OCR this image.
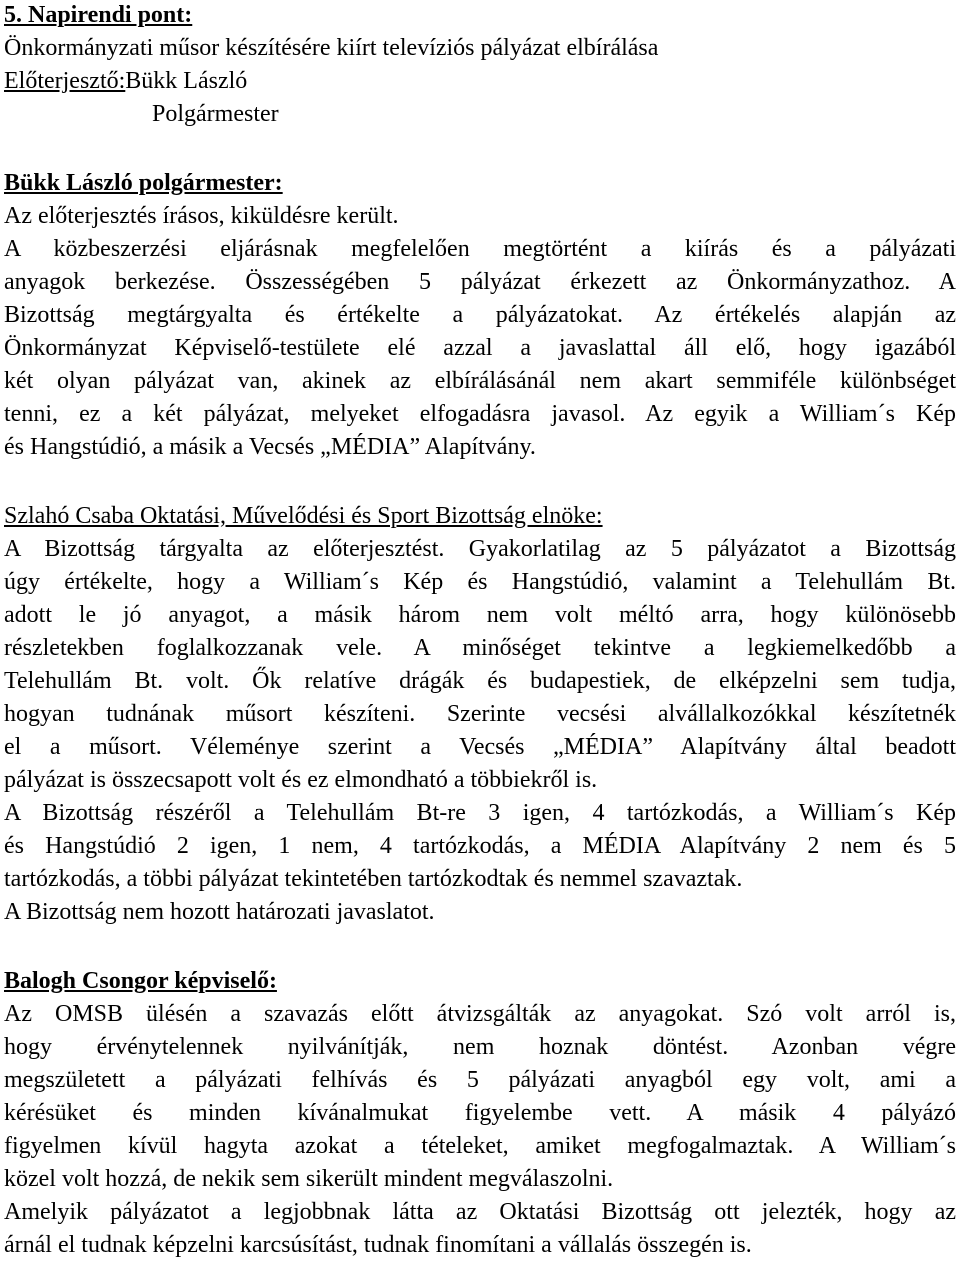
5. Napirendi pont:
Önkormányzati műsor készítésére kiírt televíziós pályázat elbírálása
Előterjesztő:Bükk László
Polgármester
Bükk László polgármester:
Az előterjesztés írásos, kiküldésre került.
A közbeszerzési eljárásnak megfelelően megtörtént a kiírás és a pályázati
anyagok berkezése. Összességében 5 pályázat érkezett az Önkormányzathoz. A
Bizottság megtárgyalta és értékelte a pályázatokat. Az értékelés alapján az
Önkormányzat Képviselő-testülete elé azzal a javaslattal áll elő, hogy igazából
két olyan pályázat van, akinek az elbírálásánál nem akart semmiféle különbséget
tenni, ez a két pályázat, melyeket elfogadásra javasol. Az egyik a William´s Kép
és Hangstúdió, a másik a Vecsés „MÉDIA” Alapítvány.
Szlahó Csaba Oktatási, Művelődési és Sport Bizottság elnöke:
A Bizottság tárgyalta az előterjesztést. Gyakorlatilag az 5 pályázatot a Bizottság
úgy értékelte, hogy a William´s Kép és Hangstúdió, valamint a Telehullám Bt.
adott le jó anyagot, a másik három nem volt méltó arra, hogy különösebb
részletekben foglalkozzanak vele. A minőséget tekintve a legkiemelkedőbb a
Telehullám Bt. volt. Ők relatíve drágák és budapestiek, de elképzelni sem tudja,
hogyan tudnának műsort készíteni. Szerinte vecsési alvállalkozókkal készítetnék
el a műsort. Véleménye szerint a Vecsés „MÉDIA” Alapítvány által beadott
pályázat is összecsapott volt és ez elmondható a többiekről is.
A Bizottság részéről a Telehullám Bt-re 3 igen, 4 tartózkodás, a William´s Kép
és Hangstúdió 2 igen, 1 nem, 4 tartózkodás, a MÉDIA Alapítvány 2 nem és 5
tartózkodás, a többi pályázat tekintetében tartózkodtak és nemmel szavaztak.
A Bizottság nem hozott határozati javaslatot.
Balogh Csongor képviselő:
Az OMSB ülésén a szavazás előtt átvizsgálták az anyagokat. Szó volt arról is,
hogy érvénytelennek nyilvánítják, nem hoznak döntést. Azonban végre
megszületett a pályázati felhívás és 5 pályázati anyagból egy volt, ami a
kérésüket és minden kívánalmukat figyelembe vett. A másik 4 pályázó
figyelmen kívül hagyta azokat a tételeket, amiket megfogalmaztak. A William´s
közel volt hozzá, de nekik sem sikerült mindent megválaszolni.
Amelyik pályázatot a legjobbnak látta az Oktatási Bizottság ott jelezték, hogy az
árnál el tudnak képzelni karcsúsítást, tudnak finomítani a vállalás összegén is.
